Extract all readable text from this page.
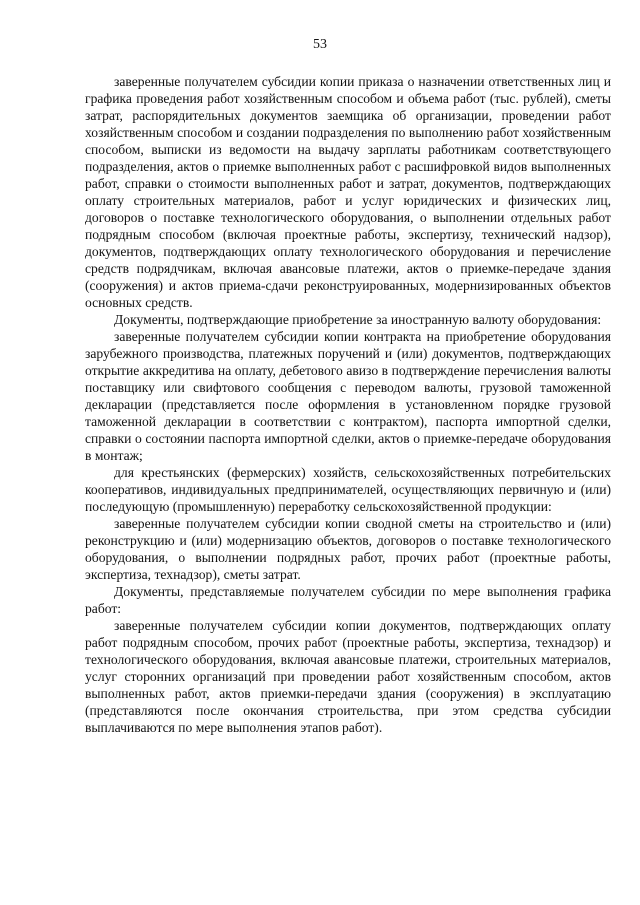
53

заверенные получателем субсидии копии приказа о назначении ответственных лиц и графика проведения работ хозяйственным способом и объема работ (тыс. рублей), сметы затрат, распорядительных документов заемщика об организации, проведении работ хозяйственным способом и создании подразделения по выполнению работ хозяйственным способом, выписки из ведомости на выдачу зарплаты работникам соответствующего подразделения, актов о приемке выполненных работ с расшифровкой видов выполненных работ, справки о стоимости выполненных работ и затрат, документов, подтверждающих оплату строительных материалов, работ и услуг юридических и физических лиц, договоров о поставке технологического оборудования, о выполнении отдельных работ подрядным способом (включая проектные работы, экспертизу, технический надзор), документов, подтверждающих оплату технологического оборудования и перечисление средств подрядчикам, включая авансовые платежи, актов о приемке-передаче здания (сооружения) и актов приема-сдачи реконструированных, модернизированных объектов основных средств.

Документы, подтверждающие приобретение за иностранную валюту оборудования:

заверенные получателем субсидии копии контракта на приобретение оборудования зарубежного производства, платежных поручений и (или) документов, подтверждающих открытие аккредитива на оплату, дебетового авизо в подтверждение перечисления валюты поставщику или свифтового сообщения с переводом валюты, грузовой таможенной декларации (представляется после оформления в установленном порядке грузовой таможенной декларации в соответствии с контрактом), паспорта импортной сделки, справки о состоянии паспорта импортной сделки, актов о приемке-передаче оборудования в монтаж;

для крестьянских (фермерских) хозяйств, сельскохозяйственных потребительских кооперативов, индивидуальных предпринимателей, осуществляющих первичную и (или) последующую (промышленную) переработку сельскохозяйственной продукции:

заверенные получателем субсидии копии сводной сметы на строительство и (или) реконструкцию и (или) модернизацию объектов, договоров о поставке технологического оборудования, о выполнении подрядных работ, прочих работ (проектные работы, экспертиза, технадзор), сметы затрат.

Документы, представляемые получателем субсидии по мере выполнения графика работ:

заверенные получателем субсидии копии документов, подтверждающих оплату работ подрядным способом, прочих работ (проектные работы, экспертиза, технадзор) и технологического оборудования, включая авансовые платежи, строительных материалов, услуг сторонних организаций при проведении работ хозяйственным способом, актов выполненных работ, актов приемки-передачи здания (сооружения) в эксплуатацию (представляются после окончания строительства, при этом средства субсидии выплачиваются по мере выполнения этапов работ).
